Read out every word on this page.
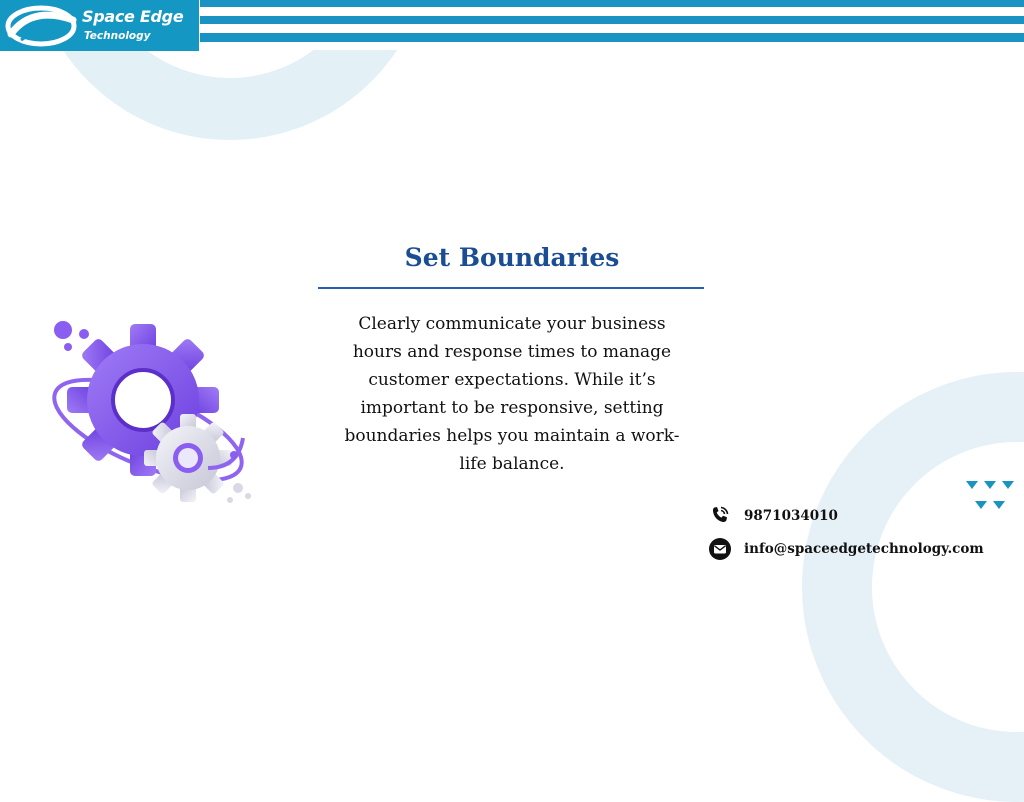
Space Edge
Technology
Set Boundaries

Clearly communicate your business hours and response times to manage customer expectations. While it’s important to be responsive, setting boundaries helps you maintain a work-life balance.

9871034010
info@spaceedgetechnology.com
